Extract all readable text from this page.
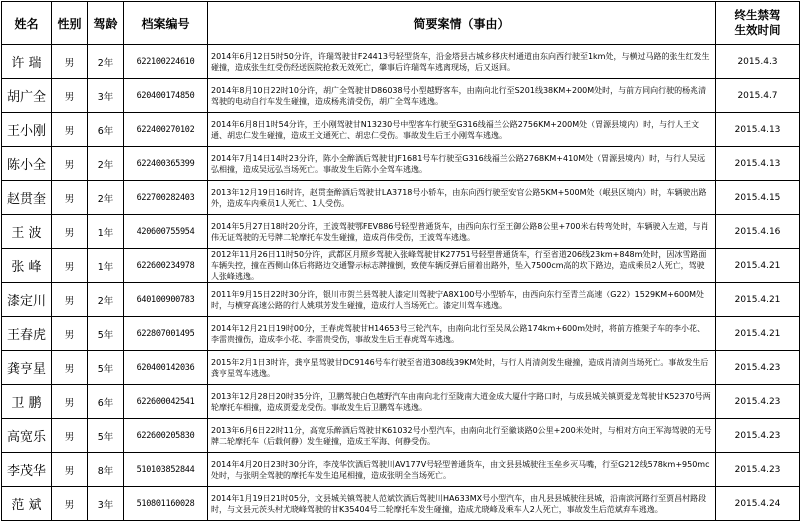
姓名	性别	驾龄	档案编号	简要案情（事由）	终生禁驾
生效时间

许 瑞	男	2年	622100224610	2014年6月12日5时50分许，许瑞驾驶甘F24413号轻型货车，沿金塔县古城乡移庆村通道由东向西行驶至1km处，与横过马路的张生红发生碰撞，造成张生红受伤经送医院抢救无效死亡，肇事后许瑞驾车逃离现场，后又返回。	2015.4.3
胡广全	男	3年	620400174850	2014年8月10日22时10分许，胡广全驾驶甘D86038号小型越野客车，由南向北行至S201线38KM+200M处时，与前方同向行驶的杨兆清驾驶的电动自行车发生碰撞，造成杨兆清受伤，胡广全驾车逃逸。	2015.4.7
王小刚	男	6年	622400270102	2014年6月8日1时54分许，王小刚驾驶甘N13230号中型客车行驶至G316线福兰公路2756KM+200M处（胃源县境内）时，与行人王文通、胡忠仁发生碰撞，造成王文通死亡、胡忠仁受伤。事故发生后王小刚驾车逃逸。	2015.4.13
陈小全	男	2年	622400365399	2014年7月14日14时23分许，陈小全醉酒后驾驶甘JF1681号车行驶至G316线福兰公路2768KM+410M处（胃源县境内）时，与行人吴远弘相撞，造成吴远弘当场死亡。事故发生后陈小全驾车逃逸。	2015.4.13
赵贯奎	男	2年	622700282403	2013年12月19日16时许，赵贯奎醉酒后驾驶甘LA3718号小轿车，由东向西行驶至安官公路5KM+500M处（岷县区境内）时，车辆驶出路外，造成车内乘员1人死亡、1人受伤。	2015.4.15
王 波	男	1年	420600755954	2014年5月27日18时20分许，王波驾驶鄂FEV886号轻型普通货车，由西向东行至王御公路8公里+700米右转弯处时，车辆驶入左道，与肖伟无证驾驶的无号牌二轮摩托车发生碰撞，造成肖伟受伤，王波驾车逃逸。	2015.4.16
张 峰	男	1年	622600234978	2012年11月26日11时50分许，武都区月照乡驾驶入张峰驾驶甘K27751号轻型普通货车，行至省道206线23km+848m处时，因冰雪路面车辆失控，撞在西侧山体后将路边交通警示标志牌撞倒，致使车辆反弹后留着出路外，坠入7500cm高的坎下路边，造成乘员2人死亡，驾驶人张峰逃逸。	2015.4.21
漆定川	男	2年	640100900783	2011年9月15日22时30分许，银川市贺兰县驾驶人漆定川驾驶宁A8X100号小型轿车，由西向东行至青兰高速（G22）1529KM+600M处时，与横穿高速公路的行人姚琪芳发生碰撞，造成行人当场死亡。漆定川驾车逃逸。	2015.4.21
王春虎	男	5年	622807001495	2014年12月21日19时00分，王春虎驾驶甘H14653号三轮汽车，由南向北行至吴凤公路174km+600m处时，将前方推架子车的李小花、李雷贵撞伤，造成李小花、李雷贵受伤，事故发生后王春虎驾车逃逸。	2015.4.21
龚亨星	男	5年	620400142036	2015年2月1日3时许，龚亨星驾驶甘DC9146号车行驶至省道308线39KM处时，与行人肖清剑发生碰撞，造成肖清剑当场死亡。事故发生后龚亨星驾车逃逸。	2015.4.23
卫 鹏	男	6年	622600042541	2013年12月28日20时35分许，卫鹏驾驶白色越野汽车由南向北行至陇南大道金成大厦什字路口时，与成县城关镇贾爱龙驾驶甘K52370号两轮摩托车相撞，造成贾爱龙受伤。事故发生后卫鹏驾车逃逸。	2015.4.23
高宽乐	男	5年	622600205830	2013年6月6日22时11分，高宽乐醉酒后驾驶甘K61032号小型汽车，由南向北行至徽谈路0公里+200米处时，与相对方向王军海驾驶的无号牌二轮摩托车（后载何静）发生碰撞，造成王军海、何静受伤。	2015.4.23
李茂华	男	8年	510103852844	2014年4月20日23时30分许，李茂华饮酒后驾驶川AV177V号轻型普通货车，由文县县城驶往玉垒乡灭马嘴，行至G212线578km+950mc处时，与张明全驾驶的摩托车发生追尾相撞，造成张明全当场死亡。	2015.4.23
范 斌	男	3年	510801160028	2014年1月19日21时05分，文县城关镇驾驶人范斌饮酒后驾驶川HA633MX号小型汽车，由凡县县城驶往县城，沿南滨河路行至贾昌村路段时，与文县元茨头村尤晓峰驾驶的甘K35404号二轮摩托车发生碰撞，造成尤晓峰及乘车人2人死亡，事故发生后范斌弃车逃逸。	2015.4.24
